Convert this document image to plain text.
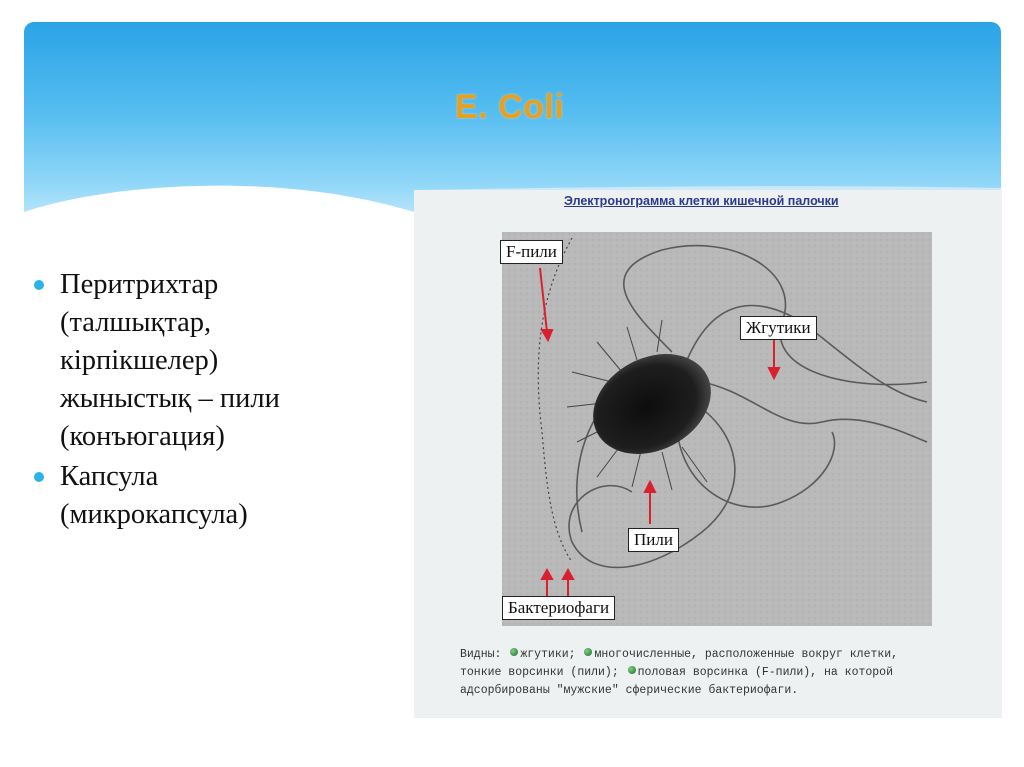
E. Coli
Перитрихтар
(талшықтар,
кірпікшелер)
жыныстық – пили
(конъюгация)
Капсула
(микрокапсула)
Электронограмма клетки кишечной палочки
F-пили
Жгутики
Пили
Бактериофаги
Видны: жгутики; многочисленные, расположенные вокруг клетки,
тонкие ворсинки (пили); половая ворсинка (F-пили), на которой
адсорбированы "мужские" сферические бактериофаги.
